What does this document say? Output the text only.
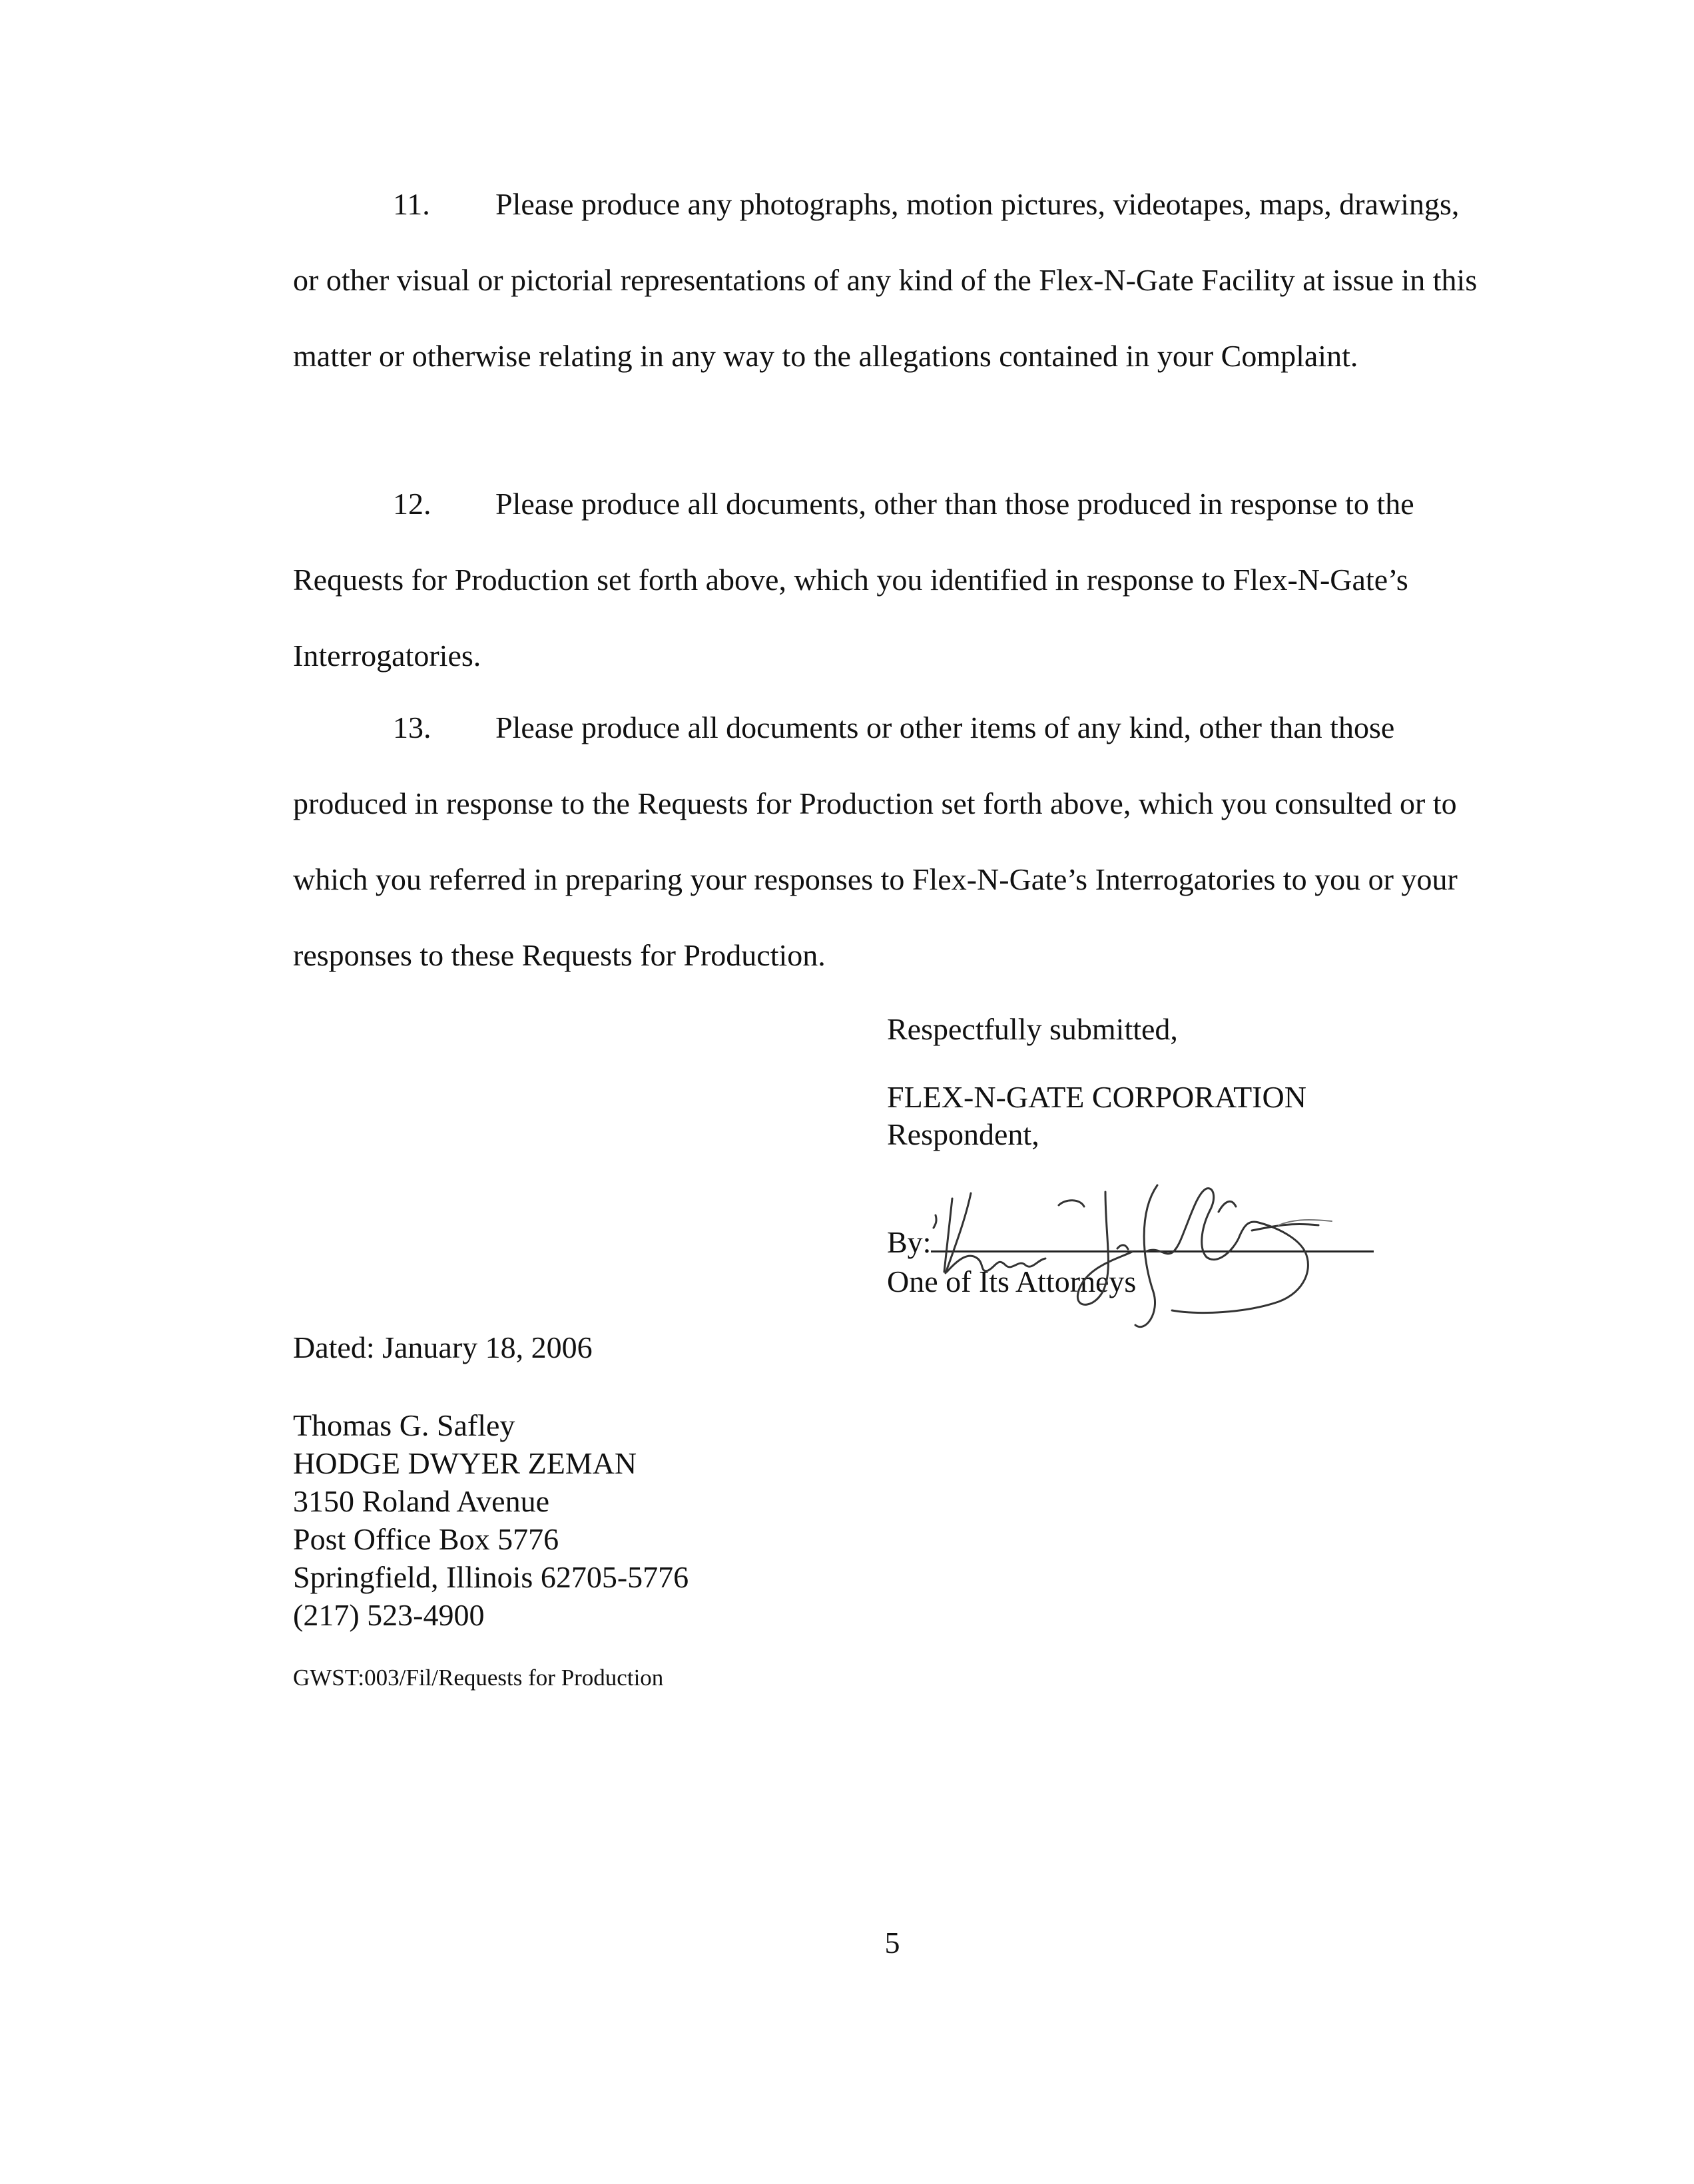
11. Please produce any photographs, motion pictures, videotapes, maps, drawings, or other visual or pictorial representations of any kind of the Flex-N-Gate Facility at issue in this matter or otherwise relating in any way to the allegations contained in your Complaint.

12. Please produce all documents, other than those produced in response to the Requests for Production set forth above, which you identified in response to Flex-N-Gate’s Interrogatories.

13. Please produce all documents or other items of any kind, other than those produced in response to the Requests for Production set forth above, which you consulted or to which you referred in preparing your responses to Flex-N-Gate’s Interrogatories to you or your responses to these Requests for Production.

Respectfully submitted,
FLEX-N-GATE CORPORATION
Respondent,
By:
One of Its Attorneys
Dated: January 18, 2006
Thomas G. Safley
HODGE DWYER ZEMAN
3150 Roland Avenue
Post Office Box 5776
Springfield, Illinois 62705-5776
(217) 523-4900
GWST:003/Fil/Requests for Production
5
